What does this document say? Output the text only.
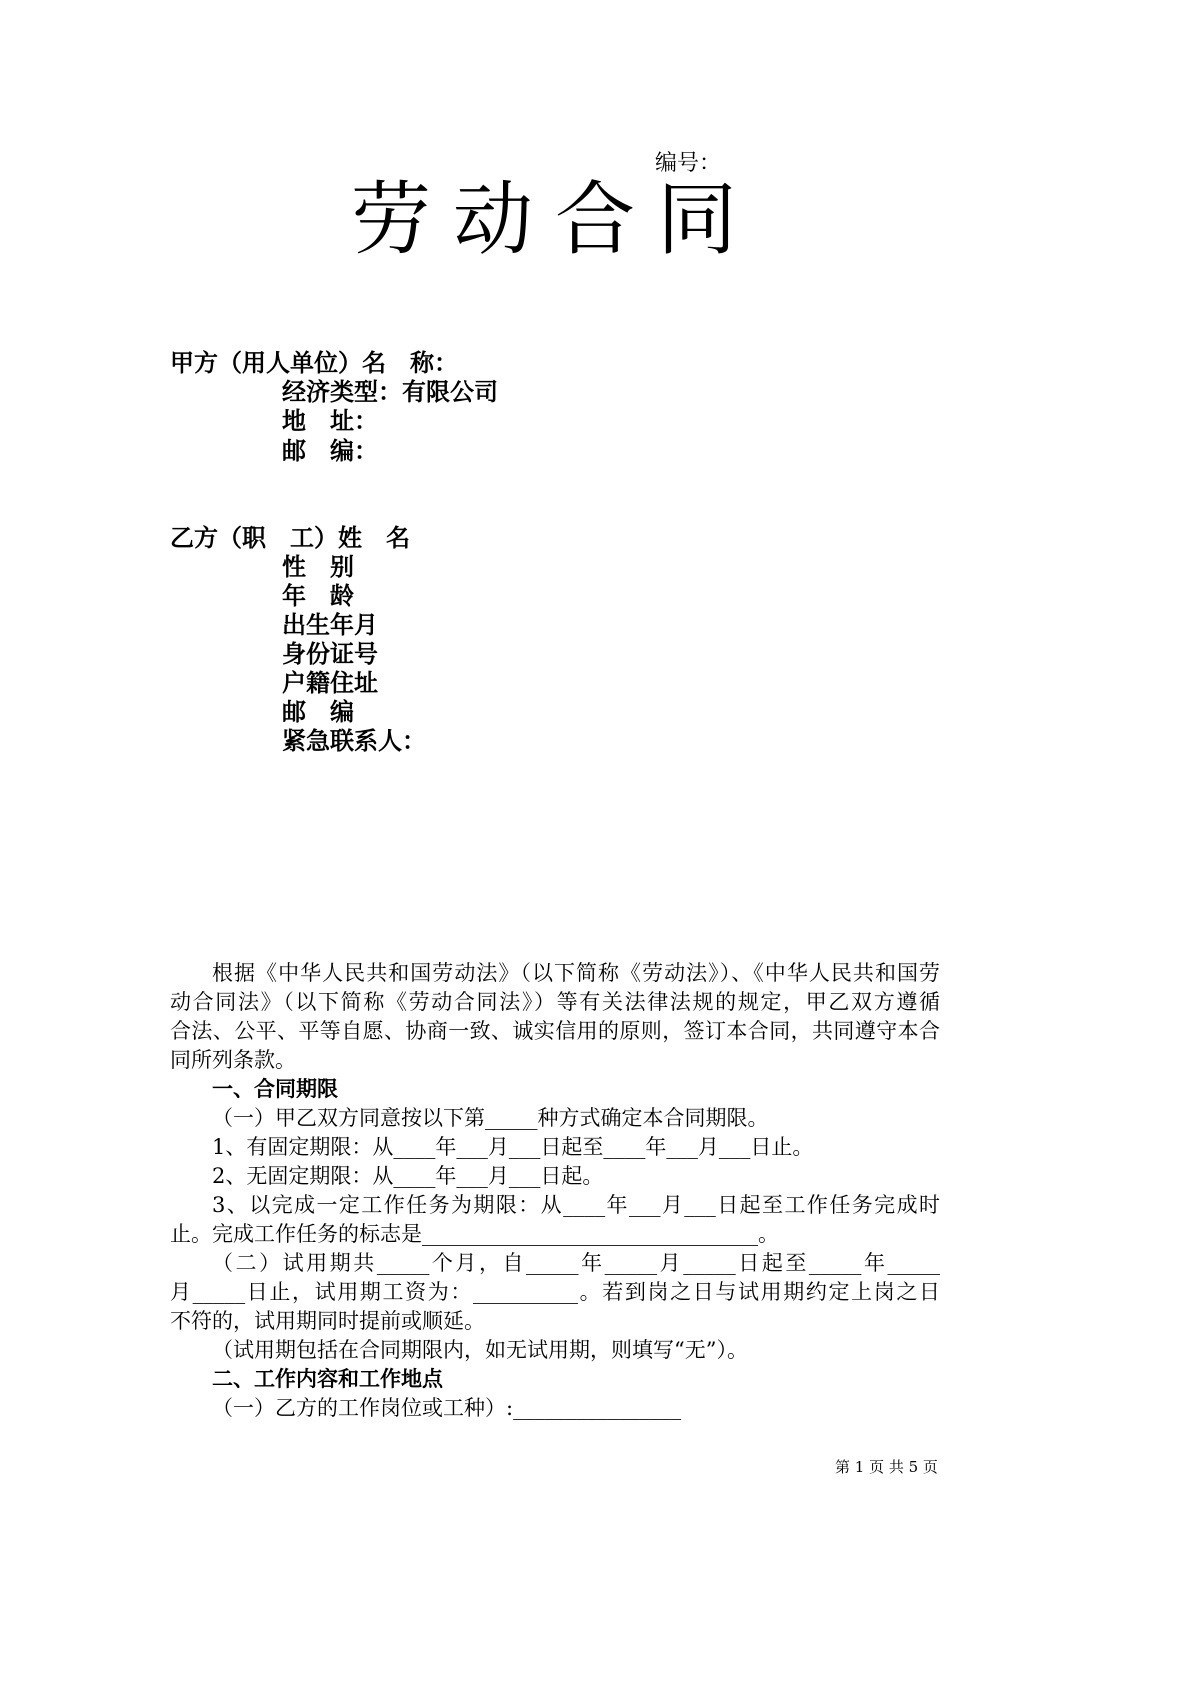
编号：
劳动合同
甲方（用人单位）名　称：
经济类型：有限公司
地　址：
邮　编：
乙方（职　工）姓　名
性　别
年　龄
出生年月
身份证号
户籍住址
邮　编
紧急联系人：
根据《中华人民共和国劳动法》（以下简称《劳动法》）、《中华人民共和国劳
动合同法》（以下简称《劳动合同法》）等有关法律法规的规定，甲乙双方遵循
合法、公平、平等自愿、协商一致、诚实信用的原则，签订本合同，共同遵守本合
同所列条款。
一、合同期限
（一）甲乙双方同意按以下第_____种方式确定本合同期限。
1、有固定期限：从____年___月___日起至____年___月___日止。
2、无固定期限：从____年___月___日起。
3、以完成一定工作任务为期限：从____年___月___日起至工作任务完成时
止。完成工作任务的标志是________________________________。
（二）试用期共_____个月，自_____年_____月_____日起至_____年_____
月_____日止，试用期工资为：__________。若到岗之日与试用期约定上岗之日
不符的，试用期同时提前或顺延。
（试用期包括在合同期限内，如无试用期，则填写“无”）。
二、工作内容和工作地点
（一）乙方的工作岗位或工种）:________________
第 1 页 共 5 页
